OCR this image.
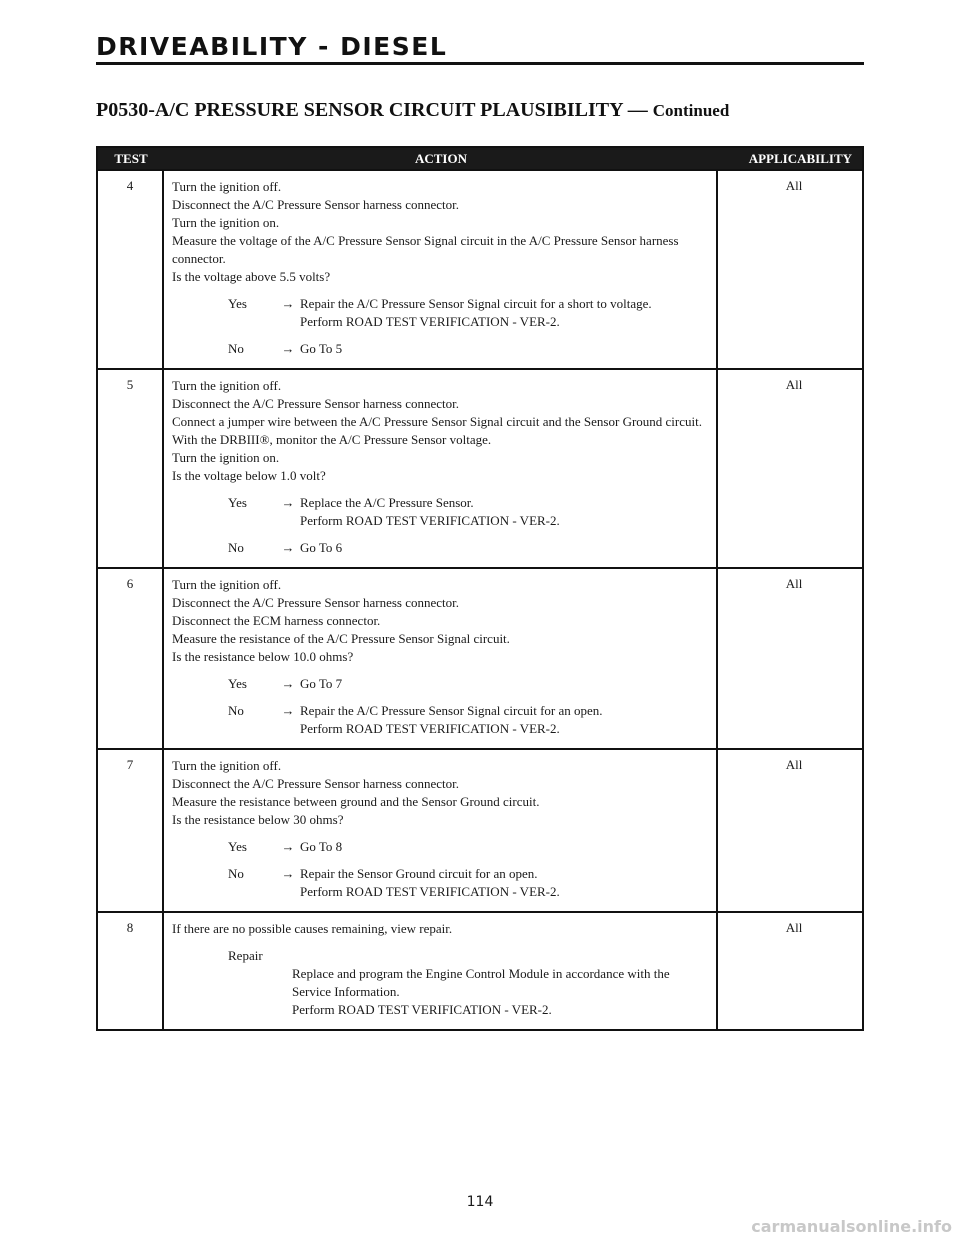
DRIVEABILITY - DIESEL
P0530-A/C PRESSURE SENSOR CIRCUIT PLAUSIBILITY — Continued
TEST	ACTION	APPLICABILITY
4	Turn the ignition off.
Disconnect the A/C Pressure Sensor harness connector.
Turn the ignition on.
Measure the voltage of the A/C Pressure Sensor Signal circuit in the A/C Pressure Sensor harness connector.
Is the voltage above 5.5 volts?
Yes	→ Repair the A/C Pressure Sensor Signal circuit for a short to voltage.
Perform ROAD TEST VERIFICATION - VER-2.
No	→ Go To 5
All
5	Turn the ignition off.
Disconnect the A/C Pressure Sensor harness connector.
Connect a jumper wire between the A/C Pressure Sensor Signal circuit and the Sensor Ground circuit.
With the DRBIII®, monitor the A/C Pressure Sensor voltage.
Turn the ignition on.
Is the voltage below 1.0 volt?
Yes	→ Replace the A/C Pressure Sensor.
Perform ROAD TEST VERIFICATION - VER-2.
No	→ Go To 6
All
6	Turn the ignition off.
Disconnect the A/C Pressure Sensor harness connector.
Disconnect the ECM harness connector.
Measure the resistance of the A/C Pressure Sensor Signal circuit.
Is the resistance below 10.0 ohms?
Yes	→ Go To 7
No	→ Repair the A/C Pressure Sensor Signal circuit for an open.
Perform ROAD TEST VERIFICATION - VER-2.
All
7	Turn the ignition off.
Disconnect the A/C Pressure Sensor harness connector.
Measure the resistance between ground and the Sensor Ground circuit.
Is the resistance below 30 ohms?
Yes	→ Go To 8
No	→ Repair the Sensor Ground circuit for an open.
Perform ROAD TEST VERIFICATION - VER-2.
All
8	If there are no possible causes remaining, view repair.
Repair
Replace and program the Engine Control Module in accordance with the Service Information.
Perform ROAD TEST VERIFICATION - VER-2.
All
114
carmanualsonline.info
